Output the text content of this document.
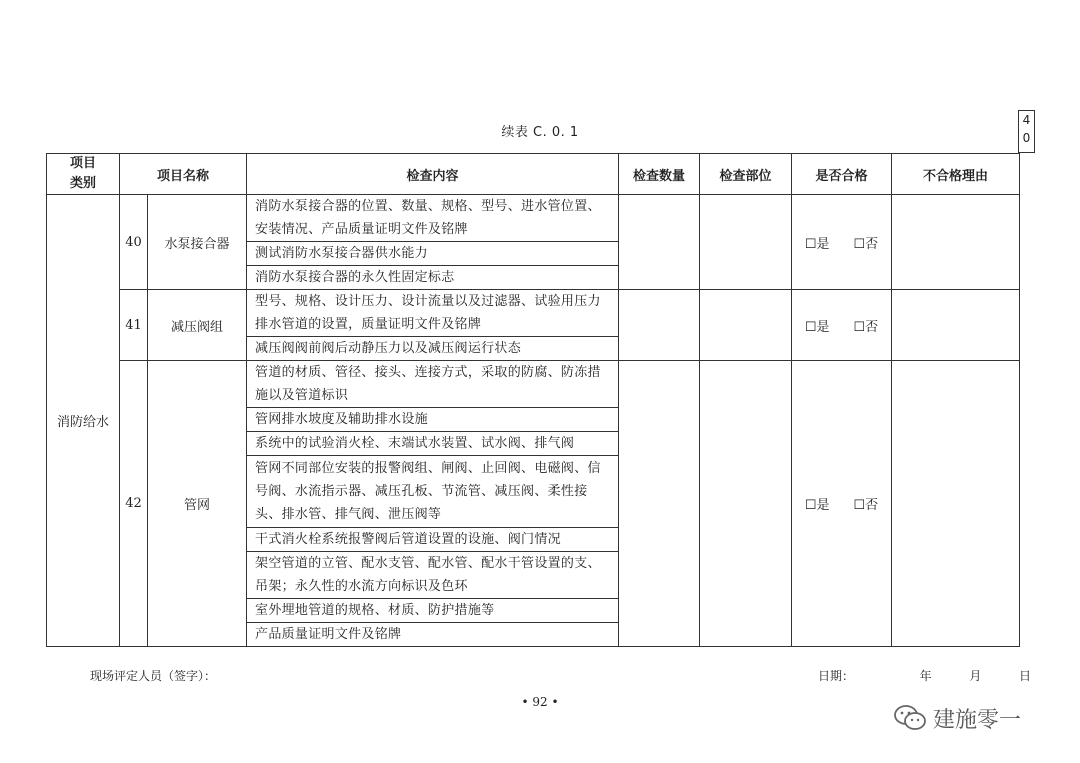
40
续表 C. 0. 1
项目
类别	项目名称		检查内容	检查数量	检查部位	是否合格	不合格理由
消防给水	40	水泵接合器	消防水泵接合器的位置、数量、规格、型号、进水管位置、安装情况、产品质量证明文件及铭牌			☐是 ☐否	
			测试消防水泵接合器供水能力				
			消防水泵接合器的永久性固定标志				
	41	减压阀组	型号、规格、设计压力、设计流量以及过滤器、试验用压力排水管道的设置，质量证明文件及铭牌			☐是 ☐否	
			减压阀阀前阀后动静压力以及减压阀运行状态				
	42	管网	管道的材质、管径、接头、连接方式，采取的防腐、防冻措施以及管道标识			☐是 ☐否	
			管网排水坡度及辅助排水设施				
			系统中的试验消火栓、末端试水装置、试水阀、排气阀				
			管网不同部位安装的报警阀组、闸阀、止回阀、电磁阀、信号阀、水流指示器、减压孔板、节流管、减压阀、柔性接头、排水管、排气阀、泄压阀等				
			干式消火栓系统报警阀后管道设置的设施、阀门情况				
			架空管道的立管、配水支管、配水管、配水干管设置的支、吊架；永久性的水流方向标识及色环				
			室外埋地管道的规格、材质、防护措施等				
			产品质量证明文件及铭牌				
现场评定人员（签字）：	日期：	年	月	日
• 92 •
建施零一
